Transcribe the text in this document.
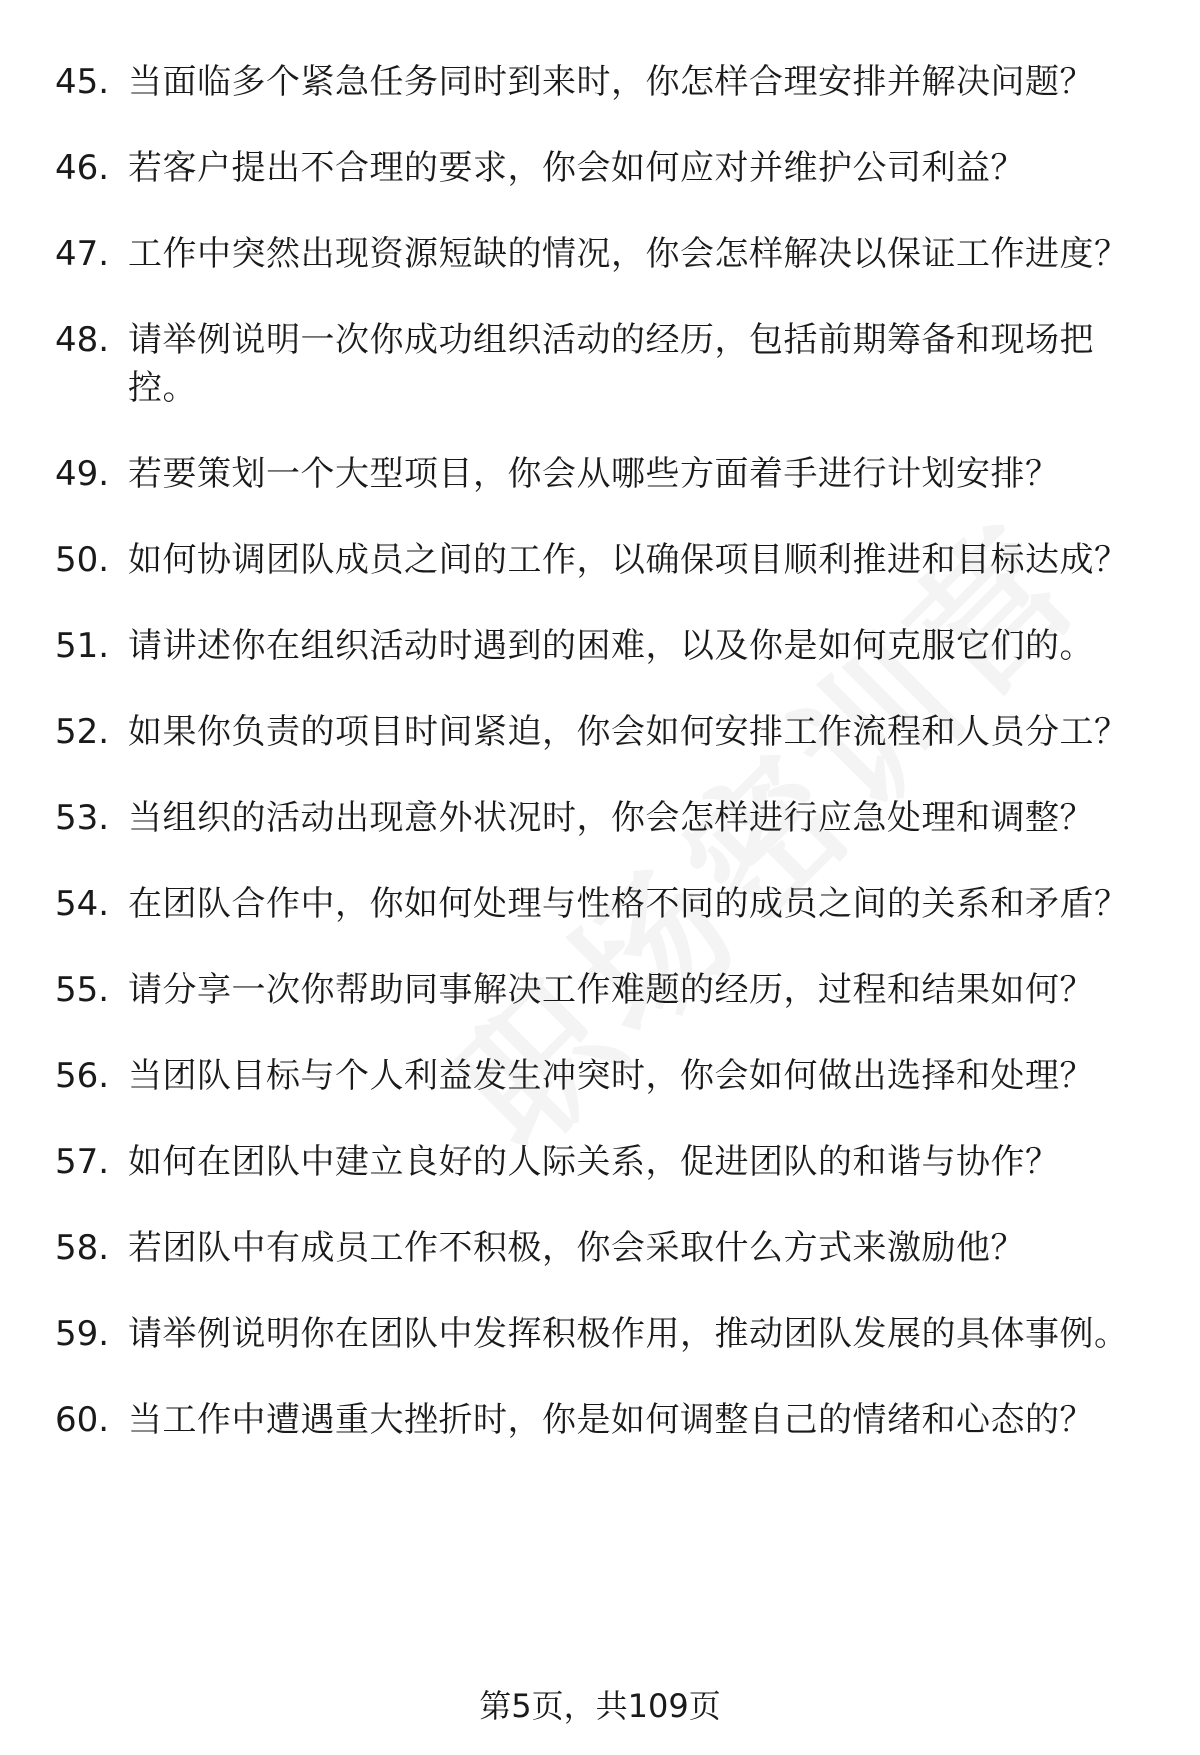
45. 当面临多个紧急任务同时到来时，你怎样合理安排并解决问题？
46. 若客户提出不合理的要求，你会如何应对并维护公司利益？
47. 工作中突然出现资源短缺的情况，你会怎样解决以保证工作进度？
48. 请举例说明一次你成功组织活动的经历，包括前期筹备和现场把控。
49. 若要策划一个大型项目，你会从哪些方面着手进行计划安排？
50. 如何协调团队成员之间的工作，以确保项目顺利推进和目标达成？
51. 请讲述你在组织活动时遇到的困难，以及你是如何克服它们的。
52. 如果你负责的项目时间紧迫，你会如何安排工作流程和人员分工？
53. 当组织的活动出现意外状况时，你会怎样进行应急处理和调整？
54. 在团队合作中，你如何处理与性格不同的成员之间的关系和矛盾？
55. 请分享一次你帮助同事解决工作难题的经历，过程和结果如何？
56. 当团队目标与个人利益发生冲突时，你会如何做出选择和处理？
57. 如何在团队中建立良好的人际关系，促进团队的和谐与协作？
58. 若团队中有成员工作不积极，你会采取什么方式来激励他？
59. 请举例说明你在团队中发挥积极作用，推动团队发展的具体事例。
60. 当工作中遭遇重大挫折时，你是如何调整自己的情绪和心态的？
第5页，共109页
